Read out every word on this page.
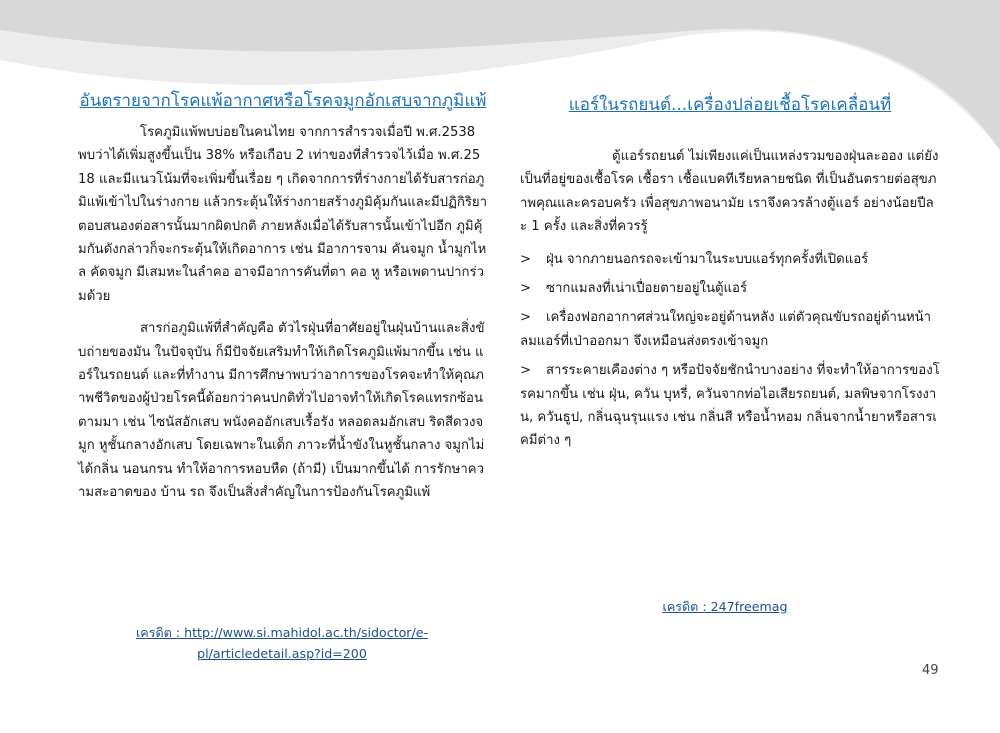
อันตรายจากโรคแพ้อากาศหรือโรคจมูกอักเสบจากภูมิแพ้

โรคภูมิแพ้พบบ่อยในคนไทย จากการสำรวจเมื่อปี พ.ศ.2538 พบว่าได้เพิ่มสูงขึ้นเป็น 38% หรือเกือบ 2 เท่าของที่สำรวจไว้เมื่อ พ.ศ.2518 และมีแนวโน้มที่จะเพิ่มขึ้นเรื่อย ๆ เกิดจากการที่ร่างกายได้รับสารก่อภูมิแพ้เข้าไปในร่างกาย แล้วกระตุ้นให้ร่างกายสร้างภูมิคุ้มกันและมีปฏิกิริยาตอบสนองต่อสารนั้นมากผิดปกติ ภายหลังเมื่อได้รับสารนั้นเข้าไปอีก ภูมิคุ้มกันดังกล่าวก็จะกระตุ้นให้เกิดอาการ เช่น มีอาการจาม คันจมูก น้ำมูกไหล คัดจมูก มีเสมหะในลำคอ อาจมีอาการคันที่ตา คอ หู หรือเพดานปากร่วมด้วย

สารก่อภูมิแพ้ที่สำคัญคือ ตัวไรฝุ่นที่อาศัยอยู่ในฝุ่นบ้านและสิ่งขับถ่ายของมัน ในปัจจุบัน ก็มีปัจจัยเสริมทำให้เกิดโรคภูมิแพ้มากขึ้น เช่น แอร์ในรถยนต์ และที่ทำงาน มีการศึกษาพบว่าอาการของโรคจะทำให้คุณภาพชีวิตของผู้ป่วยโรคนี้ด้อยกว่าคนปกติทั่วไปอาจทำให้เกิดโรคแทรกซ้อนตามมา เช่น ไซนัสอักเสบ พนังคออักเสบเรื้อรัง หลอดลมอักเสบ ริดสีดวงจมูก หูชั้นกลางอักเสบ โดยเฉพาะในเด็ก ภาวะที่น้ำขังในหูชั้นกลาง จมูกไม่ได้กลิ่น นอนกรน ทำให้อาการหอบหืด (ถ้ามี) เป็นมากขึ้นได้ การรักษาความสะอาดของ บ้าน รถ จึงเป็นสิ่งสำคัญในการป้องกันโรคภูมิแพ้

แอร์ในรถยนต์...เครื่องปล่อยเชื้อโรคเคลื่อนที่

ตู้แอร์รถยนต์ ไม่เพียงแค่เป็นแหล่งรวมของฝุ่นละออง แต่ยังเป็นที่อยู่ของเชื้อโรค เชื้อรา เชื้อแบคทีเรียหลายชนิด ที่เป็นอันตรายต่อสุขภาพคุณและครอบครัว เพื่อสุขภาพอนามัย เราจึงควรล้างตู้แอร์ อย่างน้อยปีละ 1 ครั้ง และสิ่งที่ควรรู้

> ฝุ่น จากภายนอกรถจะเข้ามาในระบบแอร์ทุกครั้งที่เปิดแอร์
> ซากแมลงที่เน่าเปื่อยตายอยู่ในตู้แอร์
> เครื่องฟอกอากาศส่วนใหญ่จะอยู่ด้านหลัง แต่ตัวคุณขับรถอยู่ด้านหน้า ลมแอร์ที่เป่าออกมา จึงเหมือนส่งตรงเข้าจมูก
> สารระคายเคืองต่าง ๆ หรือปัจจัยชักนำบางอย่าง ที่จะทำให้อาการของโรคมากขึ้น เช่น ฝุ่น, ควัน บุหรี่, ควันจากท่อไอเสียรถยนต์, มลพิษจากโรงงาน, ควันธูป, กลิ่นฉุนรุนแรง เช่น กลิ่นสี หรือน้ำหอม กลิ่นจากน้ำยาหรือสารเคมีต่าง ๆ
เครดิต : http://www.si.mahidol.ac.th/sidoctor/e-pl/articledetail.asp?id=200
เครดิต : 247freemag
49
